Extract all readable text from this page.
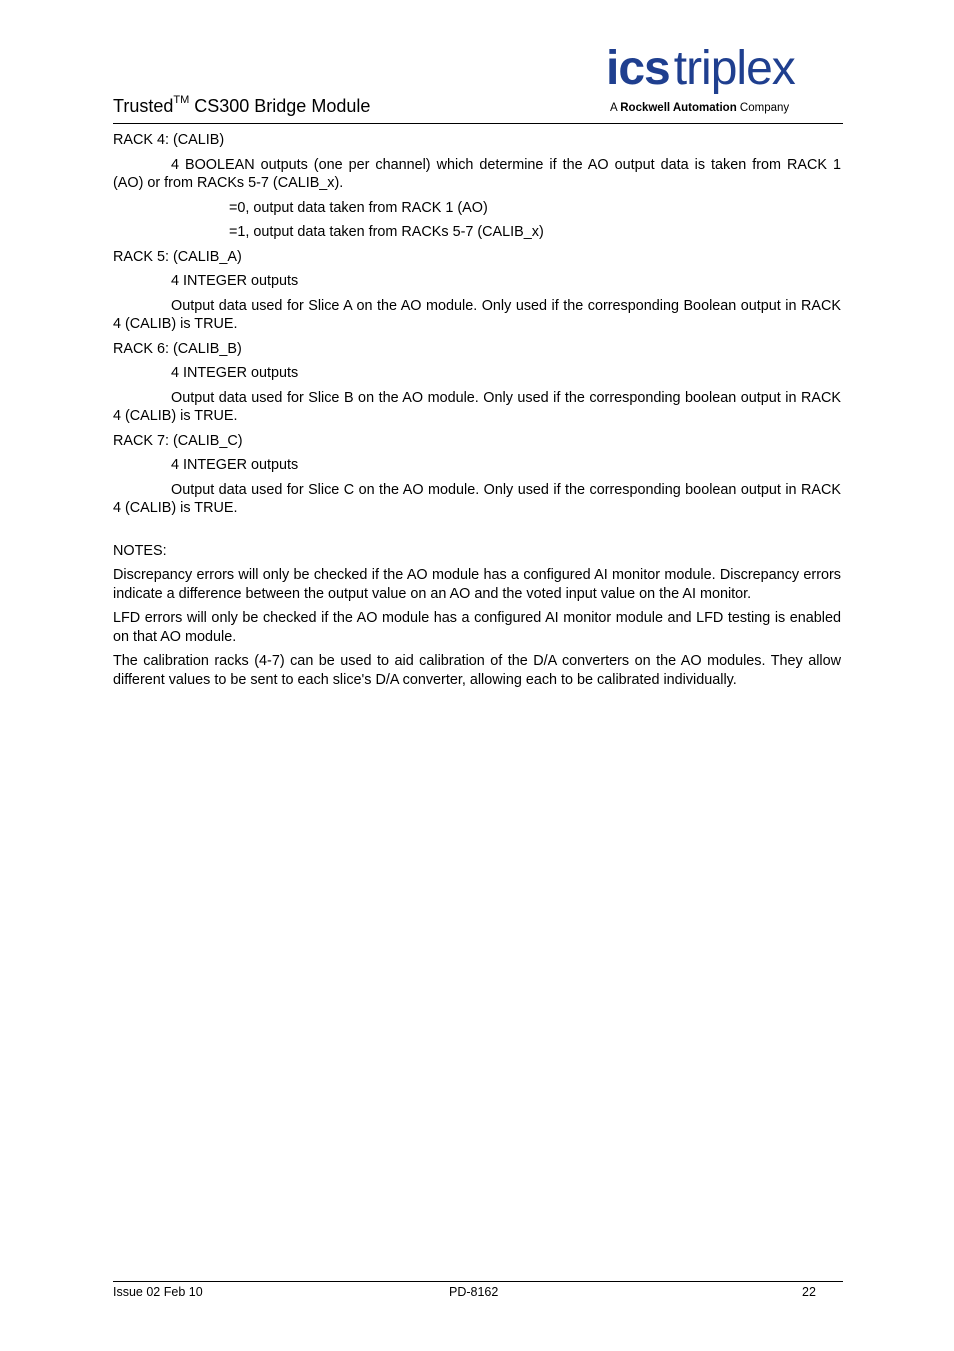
Trusted™ CS300 Bridge Module
icstriplex
A Rockwell Automation Company

RACK 4: (CALIB)

4 BOOLEAN outputs (one per channel) which determine if the AO output data is taken from RACK 1 (AO) or from RACKs 5-7 (CALIB_x).

=0, output data taken from RACK 1 (AO)

=1, output data taken from RACKs 5-7 (CALIB_x)

RACK 5: (CALIB_A)

4 INTEGER outputs

Output data used for Slice A on the AO module. Only used if the corresponding Boolean output in RACK 4 (CALIB) is TRUE.

RACK 6: (CALIB_B)

4 INTEGER outputs

Output data used for Slice B on the AO module. Only used if the corresponding boolean output in RACK 4 (CALIB) is TRUE.

RACK 7: (CALIB_C)

4 INTEGER outputs

Output data used for Slice C on the AO module. Only used if the corresponding boolean output in RACK 4 (CALIB) is TRUE.

NOTES:

Discrepancy errors will only be checked if the AO module has a configured AI monitor module. Discrepancy errors indicate a difference between the output value on an AO and the voted input value on the AI monitor.

LFD errors will only be checked if the AO module has a configured AI monitor module and LFD testing is enabled on that AO module.

The calibration racks (4-7) can be used to aid calibration of the D/A converters on the AO modules. They allow different values to be sent to each slice's D/A converter, allowing each to be calibrated individually.

Issue 02 Feb 10	PD-8162	22
